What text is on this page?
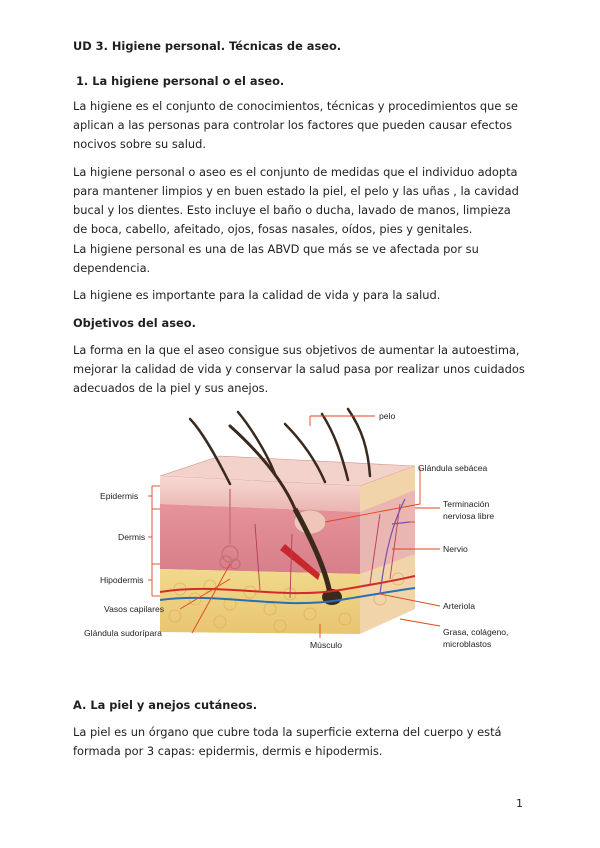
UD 3. Higiene personal. Técnicas de aseo.
1. La higiene personal o el aseo.
La higiene es el conjunto de conocimientos, técnicas y procedimientos que se aplican a las personas para controlar los factores que pueden causar efectos nocivos sobre su salud.
La higiene personal o aseo es el conjunto de medidas que el individuo adopta para mantener limpios y en buen estado la piel, el pelo y las uñas , la cavidad bucal y los dientes. Esto incluye el baño o ducha, lavado de manos, limpieza de boca, cabello, afeitado, ojos, fosas nasales, oídos, pies y genitales.
La higiene personal es una de las ABVD que más se ve afectada por su dependencia.
La higiene es importante para la calidad de vida y para la salud.
Objetivos del aseo.
La forma en la que el aseo consigue sus objetivos de aumentar la autoestima, mejorar la calidad de vida y conservar la salud pasa por realizar unos cuidados adecuados de la piel y sus anejos.
Epidermis
Dermis
Hipodermis
Vasos capilares
Glándula sudorípara
pelo
Glándula sebácea
Terminación
nerviosa libre
Nervio
Arteriola
Grasa, colágeno,
microblastos
Músculo
A. La piel y anejos cutáneos.
La piel es un órgano que cubre toda la superficie externa del cuerpo y está formada por 3 capas: epidermis, dermis e hipodermis.
1
